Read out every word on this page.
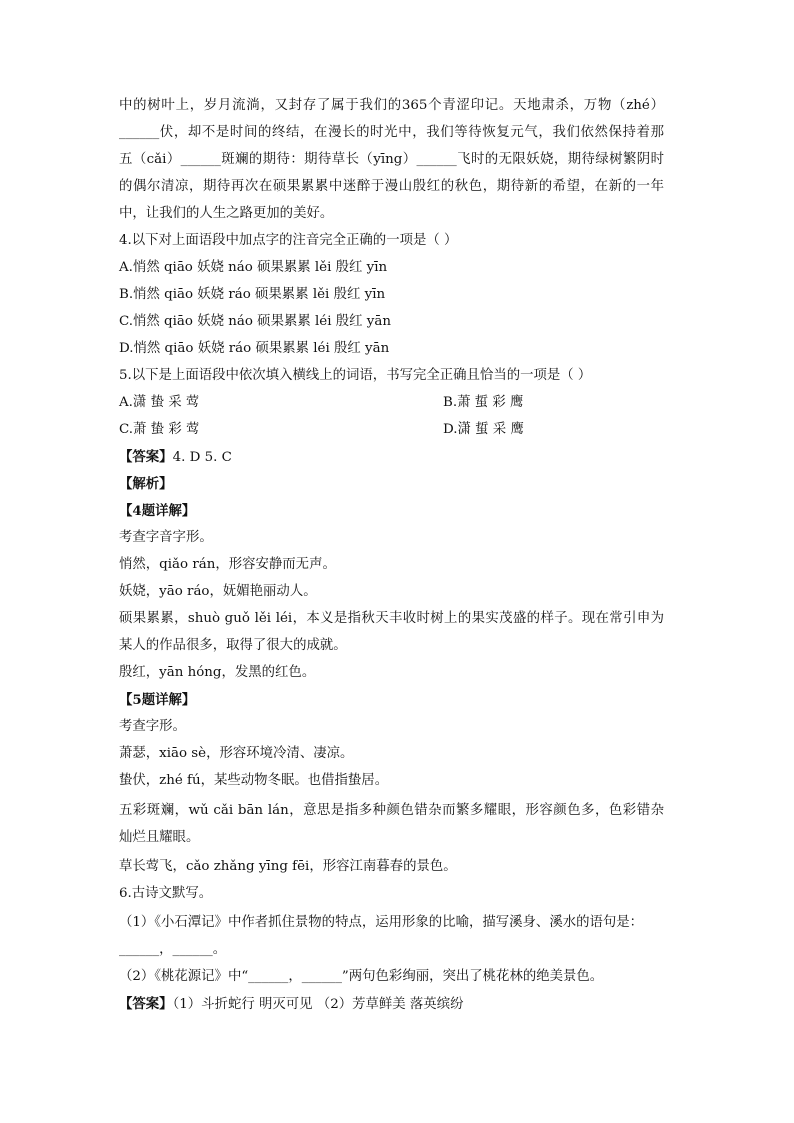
中的树叶上，岁月流淌，又封存了属于我们的365个青涩印记。天地肃杀，万物（zhé）
______伏，却不是时间的终结，在漫长的时光中，我们等待恢复元气，我们依然保持着那
五（cǎi）______斑斓的期待：期待草长（yīng）______飞时的无限妖娆，期待绿树繁阴时
的偶尔清凉，期待再次在硕果累累中迷醉于漫山殷红的秋色，期待新的希望，在新的一年
中，让我们的人生之路更加的美好。
4.以下对上面语段中加点字的注音完全正确的一项是（ ）
A.悄然 qiāo 妖娆 náo 硕果累累 lěi 殷红 yīn
B.悄然 qiāo 妖娆 ráo 硕果累累 lěi 殷红 yīn
C.悄然 qiāo 妖娆 náo 硕果累累 léi 殷红 yān
D.悄然 qiāo 妖娆 ráo 硕果累累 léi 殷红 yān
5.以下是上面语段中依次填入横线上的词语，书写完全正确且恰当的一项是（ ）
A.潇 蛰 采 莺	B.萧 蜇 彩 鹰
C.萧 蛰 彩 莺	D.潇 蜇 采 鹰
【答案】4. D 5. C
【解析】
【4题详解】
考查字音字形。
悄然，qiǎo rán，形容安静而无声。
妖娆，yāo ráo，妩媚艳丽动人。
硕果累累，shuò guǒ lěi léi，本义是指秋天丰收时树上的果实茂盛的样子。现在常引申为
某人的作品很多，取得了很大的成就。
殷红，yān hóng，发黑的红色。
【5题详解】
考查字形。
萧瑟，xiāo sè，形容环境冷清、凄凉。
蛰伏，zhé fú，某些动物冬眠。也借指蛰居。
五彩斑斓，wǔ cǎi bān lán，意思是指多种颜色错杂而繁多耀眼，形容颜色多，色彩错杂
灿烂且耀眼。
草长莺飞，cǎo zhǎng yīng fēi，形容江南暮春的景色。
6.古诗文默写。
（1）《小石潭记》中作者抓住景物的特点，运用形象的比喻，描写溪身、溪水的语句是：
______，______。
（2）《桃花源记》中“______，______”两句色彩绚丽，突出了桃花林的绝美景色。
【答案】（1）斗折蛇行 明灭可见 （2）芳草鲜美 落英缤纷
